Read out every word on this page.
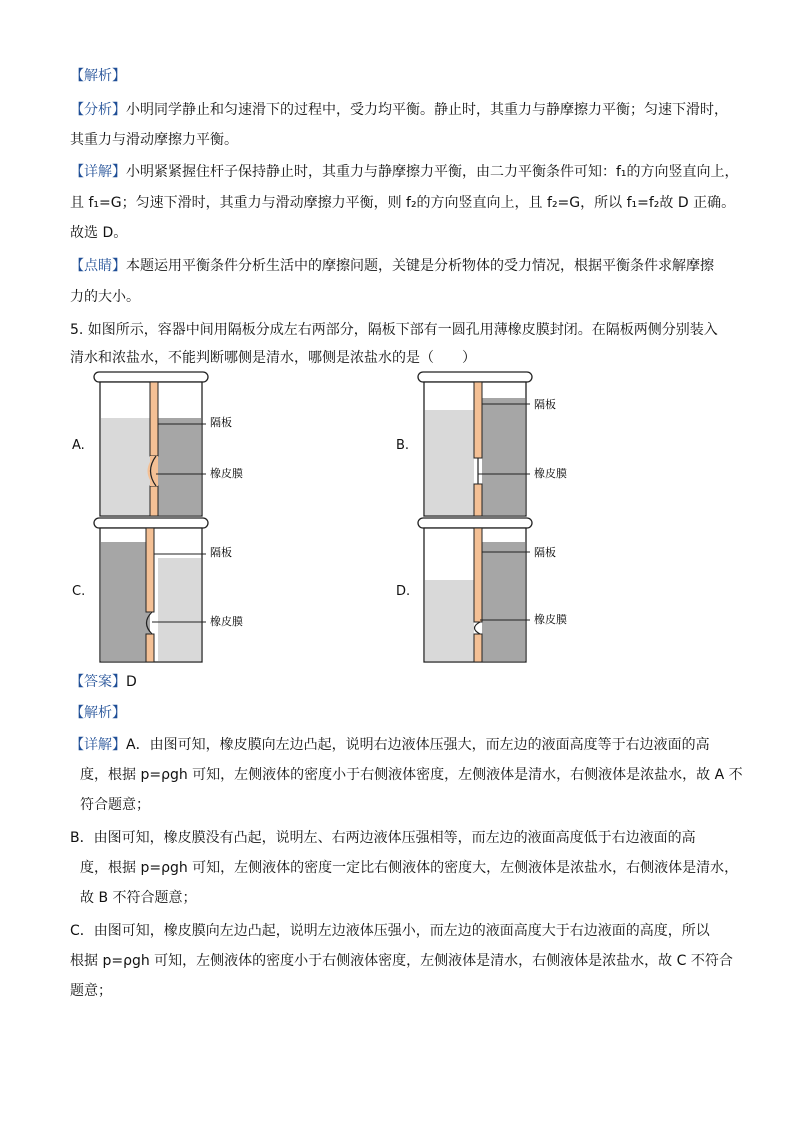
【解析】
【分析】小明同学静止和匀速滑下的过程中，受力均平衡。静止时，其重力与静摩擦力平衡；匀速下滑时，
其重力与滑动摩擦力平衡。
【详解】小明紧紧握住杆子保持静止时，其重力与静摩擦力平衡，由二力平衡条件可知：f₁的方向竖直向上，
且 f₁=G；匀速下滑时，其重力与滑动摩擦力平衡，则 f₂的方向竖直向上，且 f₂=G，所以 f₁=f₂故 D 正确。
故选 D。
【点睛】本题运用平衡条件分析生活中的摩擦问题，关键是分析物体的受力情况，根据平衡条件求解摩擦
力的大小。
5. 如图所示，容器中间用隔板分成左右两部分，隔板下部有一圆孔用薄橡皮膜封闭。在隔板两侧分别装入
清水和浓盐水，不能判断哪侧是清水，哪侧是浓盐水的是（　　）
A.	B.
C.	D.
隔板
橡皮膜
隔板
橡皮膜
隔板
橡皮膜
隔板
橡皮膜
【答案】D
【解析】
【详解】A．由图可知，橡皮膜向左边凸起，说明右边液体压强大，而左边的液面高度等于右边液面的高
度，根据 p=ρgh 可知，左侧液体的密度小于右侧液体密度，左侧液体是清水，右侧液体是浓盐水，故 A 不
符合题意；
B．由图可知，橡皮膜没有凸起，说明左、右两边液体压强相等，而左边的液面高度低于右边液面的高
度，根据 p=ρgh 可知，左侧液体的密度一定比右侧液体的密度大，左侧液体是浓盐水，右侧液体是清水，
故 B 不符合题意；
C．由图可知，橡皮膜向左边凸起，说明左边液体压强小，而左边的液面高度大于右边液面的高度，所以
根据 p=ρgh 可知，左侧液体的密度小于右侧液体密度，左侧液体是清水，右侧液体是浓盐水，故 C 不符合
题意；
